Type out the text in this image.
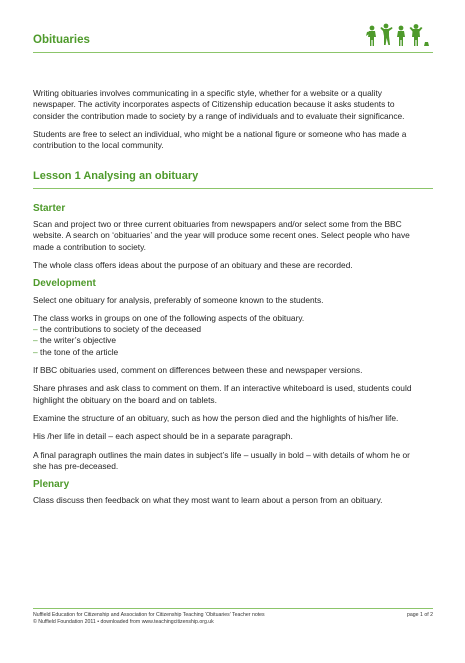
Obituaries

Writing obituaries involves communicating in a specific style, whether for a website or a quality newspaper. The activity incorporates aspects of Citizenship education because it asks students to consider the contribution made to society by a range of individuals and to evaluate their significance.

Students are free to select an individual, who might be a national figure or someone who has made a contribution to the local community.

Lesson 1 Analysing an obituary
Starter

Scan and project two or three current obituaries from newspapers and/or select some from the BBC website. A search on ‘obituaries’ and the year will produce some recent ones. Select people who have made a contribution to society.

The whole class offers ideas about the purpose of an obituary and these are recorded.

Development

Select one obituary for analysis, preferably of someone known to the students.

The class works in groups on one of the following aspects of the obituary.

– the contributions to society of the deceased
– the writer’s objective
– the tone of the article

If BBC obituaries used, comment on differences between these and newspaper versions.

Share phrases and ask class to comment on them. If an interactive whiteboard is used, students could highlight the obituary on the board and on tablets.

Examine the structure of an obituary, such as how the person died and the highlights of his/her life.

His /her life in detail – each aspect should be in a separate paragraph.

A final paragraph outlines the main dates in subject’s life – usually in bold – with details of whom he or she has pre-deceased.

Plenary

Class discuss then feedback on what they most want to learn about a person from an obituary.

Nuffield Education for Citizenship and Association for Citizenship Teaching ‘Obituaries’ Teacher notes
© Nuffield Foundation 2011 • downloaded from www.teachingcitizenship.org.uk
page 1 of 2
